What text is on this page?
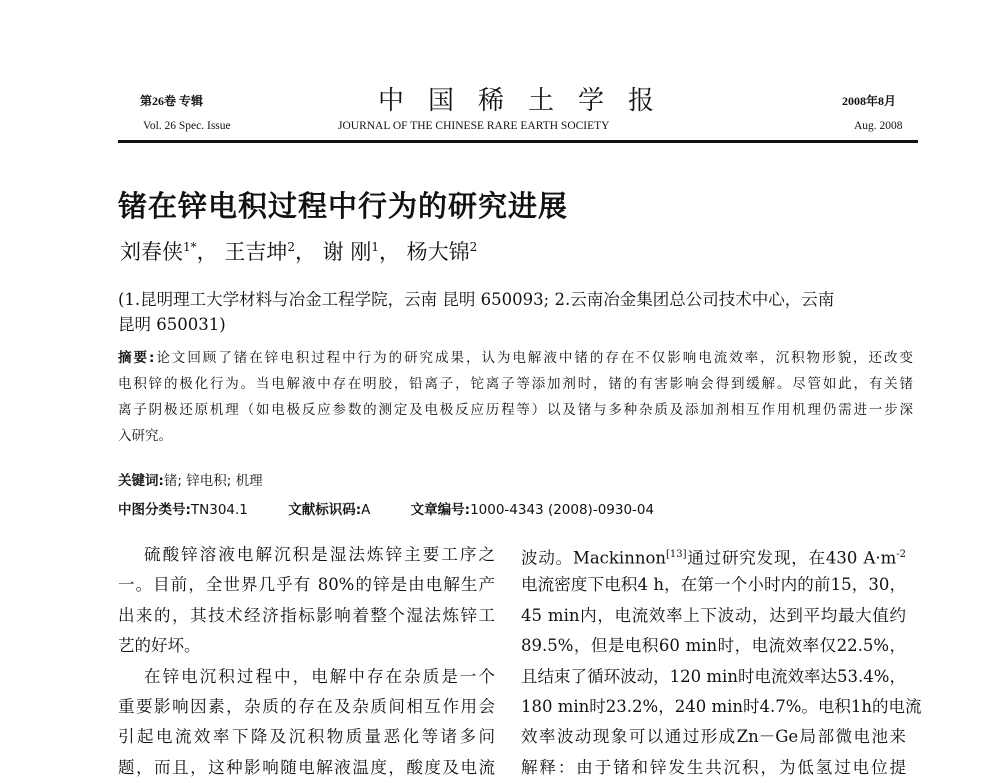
第26卷 专辑	中国稀土学报	2008年8月
Vol. 26 Spec. Issue	JOURNAL OF THE CHINESE RARE EARTH SOCIETY	Aug. 2008
锗在锌电积过程中行为的研究进展
刘春侠$^{1*}$， 王吉坤$^2$， 谢 刚$^1$， 杨大锦$^2$
(1.昆明理工大学材料与冶金工程学院，云南 昆明 650093; 2.云南冶金集团总公司技术中心，云南
昆明 650031)
摘要:论文回顾了锗在锌电积过程中行为的研究成果，认为电解液中锗的存在不仅影响电流效率，沉积物形貌，还改变
电积锌的极化行为。当电解液中存在明胶，铅离子，铊离子等添加剂时，锗的有害影响会得到缓解。尽管如此，有关锗
离子阴极还原机理（如电极反应参数的测定及电极反应历程等）以及锗与多种杂质及添加剂相互作用机理仍需进一步深
入研究。
关键词:锗; 锌电积; 机理
中图分类号:TN304.1	文献标识码:A	文章编号:1000-4343 (2008)-0930-04
硫酸锌溶液电解沉积是湿法炼锌主要工序之
一。目前，全世界几乎有 80%的锌是由电解生产
出来的，其技术经济指标影响着整个湿法炼锌工
艺的好坏。
在锌电沉积过程中，电解中存在杂质是一个
重要影响因素，杂质的存在及杂质间相互作用会
引起电流效率下降及沉积物质量恶化等诸多问
题，而且，这种影响随电解液温度，酸度及电流
波动。Mackinnon[13]通过研究发现，在430 $A\cdot m^{-2}$
电流密度下电积4 h，在第一个小时内的前15，30，
45 min内，电流效率上下波动，达到平均最大值约
89.5%，但是电积60 min时，电流效率仅22.5%，
且结束了循环波动，120 min时电流效率达53.4%，
180 min时23.2%，240 min时4.7%。电积1h的电流
效率波动现象可以通过形成Zn－Ge局部微电池来
解释：由于锗和锌发生共沉积，为低氢过电位提
